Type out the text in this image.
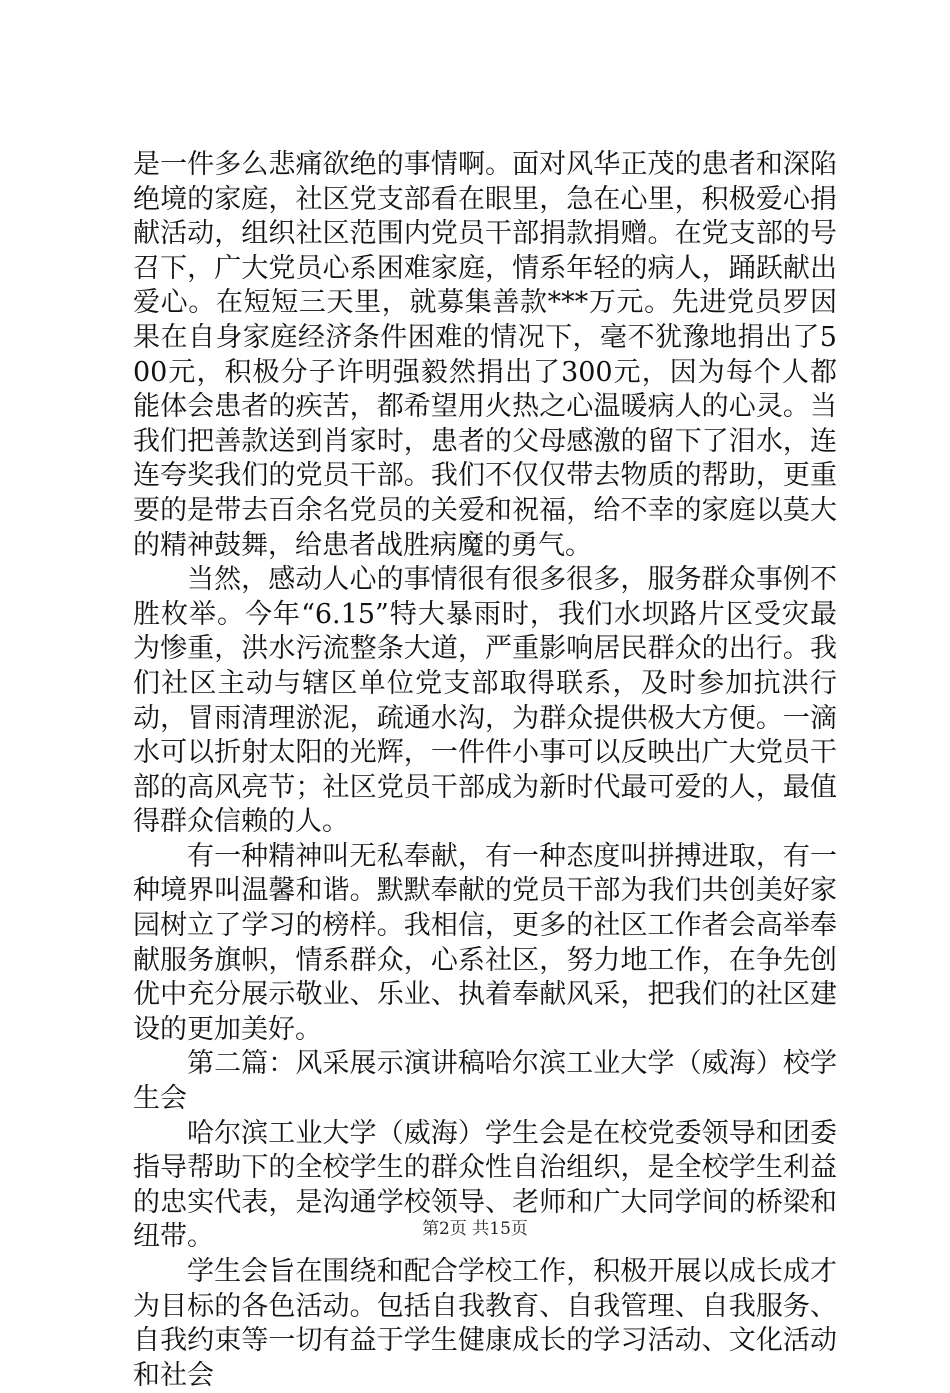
是一件多么悲痛欲绝的事情啊。面对风华正茂的患者和深陷绝境的家庭，社区党支部看在眼里，急在心里，积极爱心捐献活动，组织社区范围内党员干部捐款捐赠。在党支部的号召下，广大党员心系困难家庭，情系年轻的病人，踊跃献出爱心。在短短三天里，就募集善款***万元。先进党员罗因果在自身家庭经济条件困难的情况下，毫不犹豫地捐出了500元，积极分子许明强毅然捐出了300元，因为每个人都能体会患者的疾苦，都希望用火热之心温暖病人的心灵。当我们把善款送到肖家时，患者的父母感激的留下了泪水，连连夸奖我们的党员干部。我们不仅仅带去物质的帮助，更重要的是带去百余名党员的关爱和祝福，给不幸的家庭以莫大的精神鼓舞，给患者战胜病魔的勇气。

当然，感动人心的事情很有很多很多，服务群众事例不胜枚举。今年“6.15”特大暴雨时，我们水坝路片区受灾最为惨重，洪水污流整条大道，严重影响居民群众的出行。我们社区主动与辖区单位党支部取得联系，及时参加抗洪行动，冒雨清理淤泥，疏通水沟，为群众提供极大方便。一滴水可以折射太阳的光辉，一件件小事可以反映出广大党员干部的高风亮节；社区党员干部成为新时代最可爱的人，最值得群众信赖的人。

有一种精神叫无私奉献，有一种态度叫拼搏进取，有一种境界叫温馨和谐。默默奉献的党员干部为我们共创美好家园树立了学习的榜样。我相信，更多的社区工作者会高举奉献服务旗帜，情系群众，心系社区，努力地工作，在争先创优中充分展示敬业、乐业、执着奉献风采，把我们的社区建设的更加美好。

第二篇：风采展示演讲稿哈尔滨工业大学（威海）校学生会

哈尔滨工业大学（威海）学生会是在校党委领导和团委指导帮助下的全校学生的群众性自治组织，是全校学生利益的忠实代表，是沟通学校领导、老师和广大同学间的桥梁和纽带。

学生会旨在围绕和配合学校工作，积极开展以成长成才为目标的各色活动。包括自我教育、自我管理、自我服务、自我约束等一切有益于学生健康成长的学习活动、文化活动和社会

第2页 共15页
